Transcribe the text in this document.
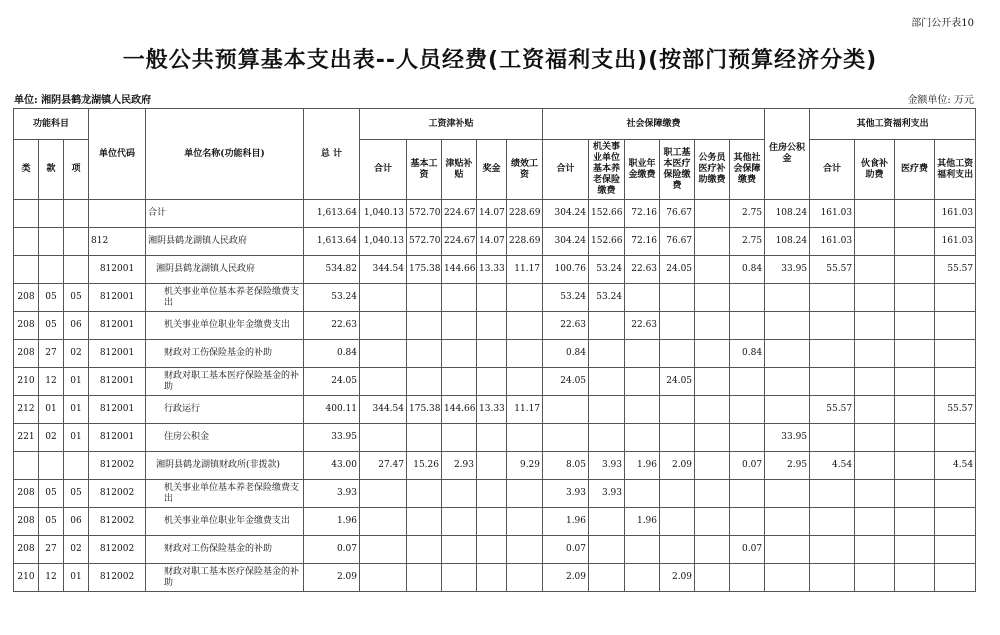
部门公开表10
一般公共预算基本支出表--人员经费(工资福利支出)(按部门预算经济分类)
单位: 湘阴县鹤龙湖镇人民政府	金额单位: 万元
功能科目			单位代码	单位名称(功能科目)	总 计	工资津补贴					社会保障缴费						住房公积金	其他工资福利支出			
类	款	项				合计	基本工资	津贴补贴	奖金	绩效工资	合计	机关事业单位基本养老保险缴费	职业年金缴费	职工基本医疗保险缴费	公务员医疗补助缴费	其他社会保障缴费		合计	伙食补助费	医疗费	其他工资福利支出
				合计	1,613.64	1,040.13	572.70	224.67	14.07	228.69	304.24	152.66	72.16	76.67		2.75	108.24	161.03			161.03
			812	湘阴县鹤龙湖镇人民政府	1,613.64	1,040.13	572.70	224.67	14.07	228.69	304.24	152.66	72.16	76.67		2.75	108.24	161.03			161.03
			812001	湘阴县鹤龙湖镇人民政府	534.82	344.54	175.38	144.66	13.33	11.17	100.76	53.24	22.63	24.05		0.84	33.95	55.57			55.57
208	05	05	812001	机关事业单位基本养老保险缴费支出	53.24						53.24	53.24									
208	05	06	812001	机关事业单位职业年金缴费支出	22.63						22.63		22.63								
208	27	02	812001	财政对工伤保险基金的补助	0.84						0.84					0.84					
210	12	01	812001	财政对职工基本医疗保险基金的补助	24.05						24.05			24.05							
212	01	01	812001	行政运行	400.11	344.54	175.38	144.66	13.33	11.17								55.57			55.57
221	02	01	812001	住房公积金	33.95												33.95				
			812002	湘阴县鹤龙湖镇财政所(非拨款)	43.00	27.47	15.26	2.93		9.29	8.05	3.93	1.96	2.09		0.07	2.95	4.54			4.54
208	05	05	812002	机关事业单位基本养老保险缴费支出	3.93						3.93	3.93									
208	05	06	812002	机关事业单位职业年金缴费支出	1.96						1.96		1.96								
208	27	02	812002	财政对工伤保险基金的补助	0.07						0.07					0.07					
210	12	01	812002	财政对职工基本医疗保险基金的补助	2.09						2.09			2.09							
